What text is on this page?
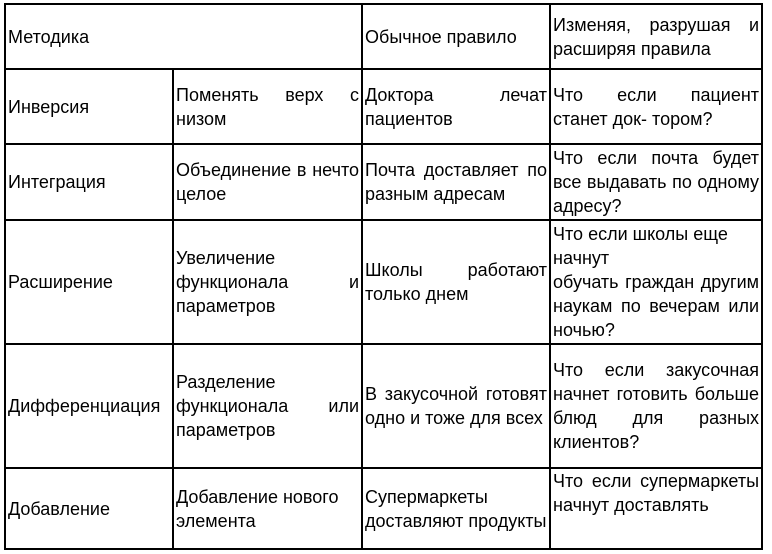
Методика		Обычное правило	Изменяя, разрушая и расширяя правила
Инверсия	Поменять верх с низом	Доктора лечат пациентов	Что если пациент станет док- тором?
Интеграция	Объединение в нечто целое	Почта доставляет по разным адресам	Что если почта будет все выдавать по одному адресу?
Расширение	Увеличение функционала и параметров	Школы работают только днем	Что если школы еще начнут
обучать граждан другим наукам по вечерам или ночью?

Дифференциация	Разделение функционала или параметров	В закусочной готовят одно и тоже для всех	Что если закусочная начнет готовить больше блюд для разных клиентов?
Добавление	Добавление нового элемента	Супермаркеты доставляют продукты	Что если супермаркеты начнут доставлять
